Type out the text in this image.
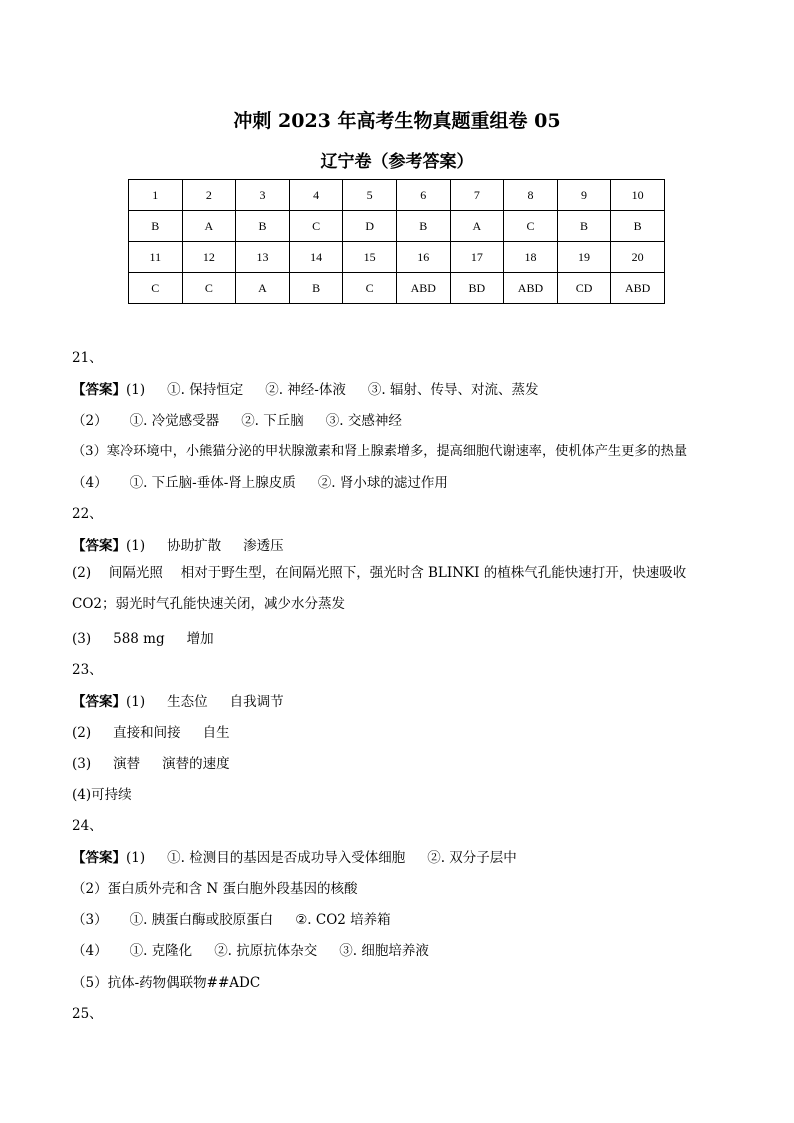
冲刺 2023 年高考生物真题重组卷 05
辽宁卷（参考答案）
1	2	3	4	5	6	7	8	9	10
B	A	B	C	D	B	A	C	B	B
11	12	13	14	15	16	17	18	19	20
C	C	A	B	C	ABD	BD	ABD	CD	ABD
21、
【答案】(1) ①. 保持恒定 ②. 神经-体液 ③. 辐射、传导、对流、蒸发
（2） ①. 冷觉感受器 ②. 下丘脑 ③. 交感神经
（3）寒冷环境中，小熊猫分泌的甲状腺激素和肾上腺素增多，提高细胞代谢速率，使机体产生更多的热量
（4） ①. 下丘脑-垂体-肾上腺皮质 ②. 肾小球的滤过作用
22、
【答案】(1) 协助扩散 渗透压
(2)　 间隔光照　 相对于野生型，在间隔光照下，强光时含 BLINKI 的植株气孔能快速打开，快速吸收 CO2；弱光时气孔能快速关闭，减少水分蒸发
(3) 588 mg 增加
23、
【答案】(1) 生态位 自我调节
(2) 直接和间接 自生
(3) 演替 演替的速度
(4)可持续
24、
【答案】(1) ①. 检测目的基因是否成功导入受体细胞 ②. 双分子层中
（2）蛋白质外壳和含 N 蛋白胞外段基因的核酸
（3） ①. 胰蛋白酶或胶原蛋白 ②. CO2 培养箱
（4） ①. 克隆化 ②. 抗原抗体杂交 ③. 细胞培养液
（5）抗体-药物偶联物##ADC
25、
